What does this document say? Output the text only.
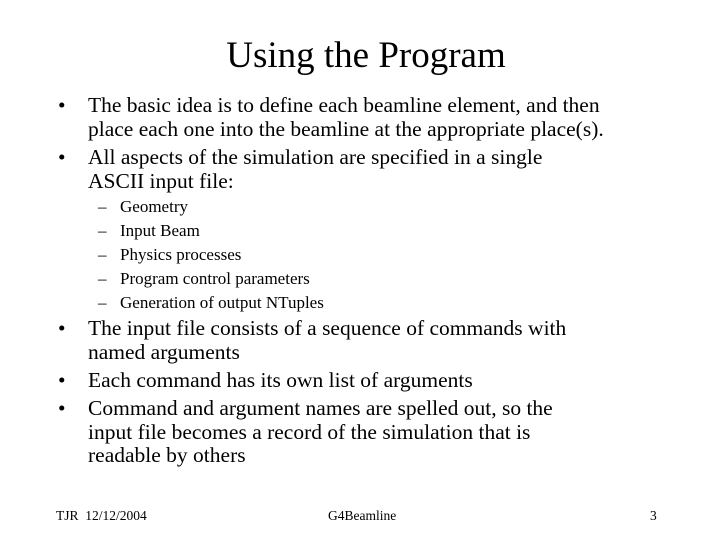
Using the Program
• The basic idea is to define each beamline element, and then
place each one into the beamline at the appropriate place(s).
• All aspects of the simulation are specified in a single
ASCII input file:
– Geometry
– Input Beam
– Physics processes
– Program control parameters
– Generation of output NTuples
• The input file consists of a sequence of commands with
named arguments
• Each command has its own list of arguments
• Command and argument names are spelled out, so the
input file becomes a record of the simulation that is
readable by others
TJR  12/12/2004	G4Beamline	3
